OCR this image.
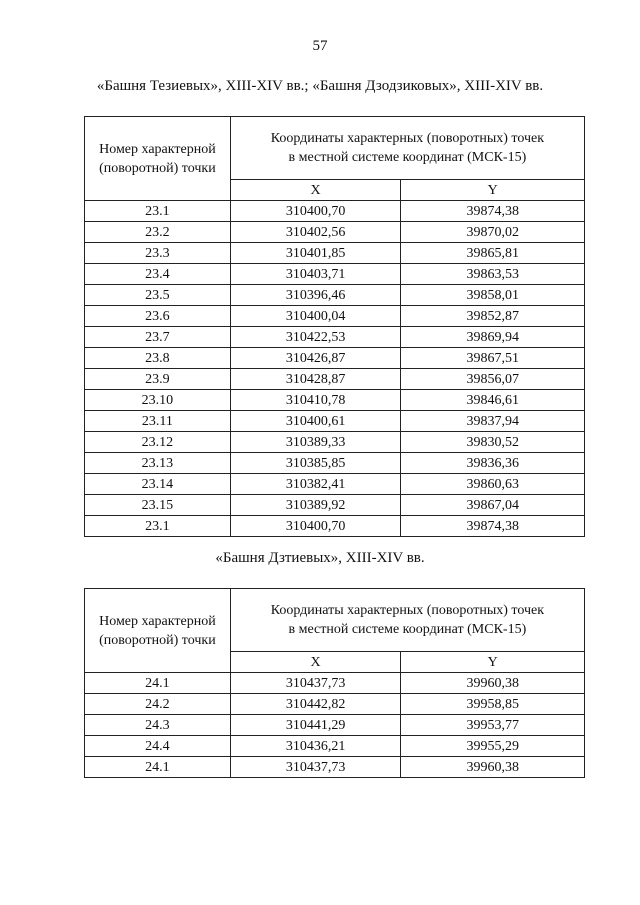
57
«Башня Тезиевых», XIII-XIV вв.; «Башня Дзодзиковых», XIII-XIV вв.
Номер характерной
(поворотной) точки	Координаты характерных (поворотных) точек
в местной системе координат (МСК-15)	
	X	Y
23.1	310400,70	39874,38
23.2	310402,56	39870,02
23.3	310401,85	39865,81
23.4	310403,71	39863,53
23.5	310396,46	39858,01
23.6	310400,04	39852,87
23.7	310422,53	39869,94
23.8	310426,87	39867,51
23.9	310428,87	39856,07
23.10	310410,78	39846,61
23.11	310400,61	39837,94
23.12	310389,33	39830,52
23.13	310385,85	39836,36
23.14	310382,41	39860,63
23.15	310389,92	39867,04
23.1	310400,70	39874,38
«Башня Дзтиевых», XIII-XIV вв.
Номер характерной
(поворотной) точки	Координаты характерных (поворотных) точек
в местной системе координат (МСК-15)	
	X	Y
24.1	310437,73	39960,38
24.2	310442,82	39958,85
24.3	310441,29	39953,77
24.4	310436,21	39955,29
24.1	310437,73	39960,38
